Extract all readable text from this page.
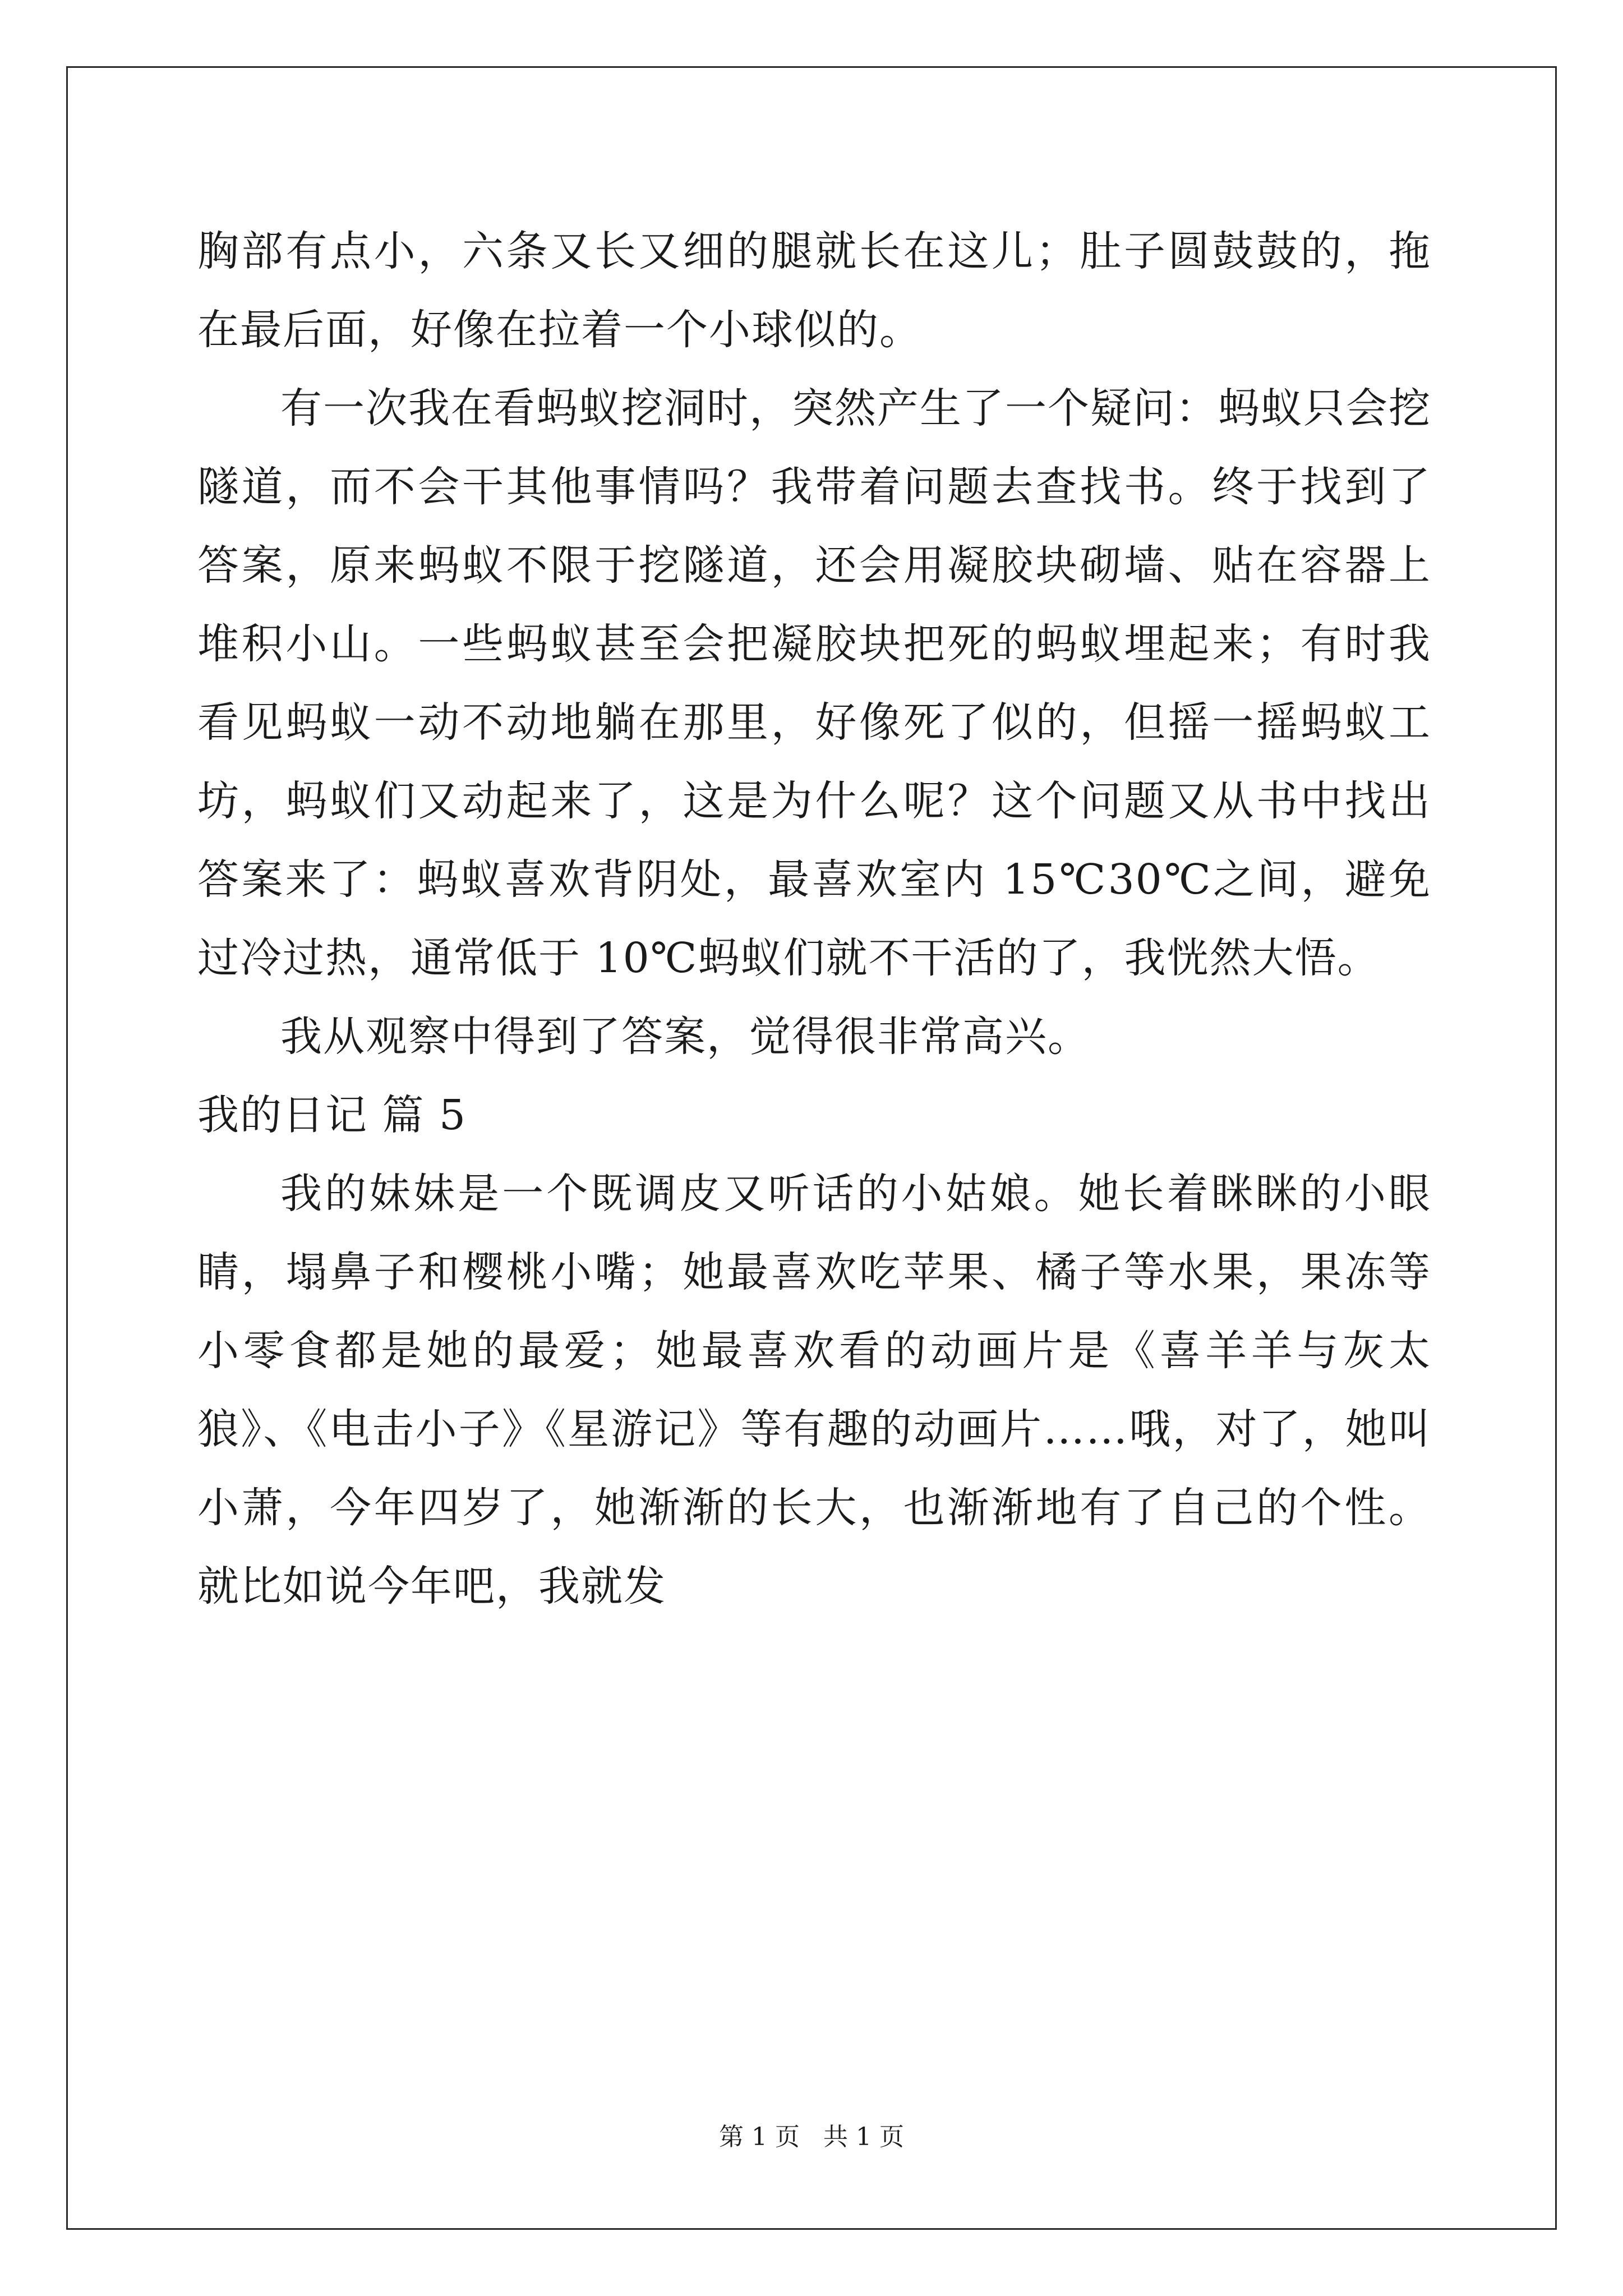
胸部有点小，六条又长又细的腿就长在这儿；肚子圆鼓鼓的，拖在最后面，好像在拉着一个小球似的。

有一次我在看蚂蚁挖洞时，突然产生了一个疑问：蚂蚁只会挖隧道，而不会干其他事情吗？我带着问题去查找书。终于找到了答案，原来蚂蚁不限于挖隧道，还会用凝胶块砌墙、贴在容器上堆积小山。一些蚂蚁甚至会把凝胶块把死的蚂蚁埋起来；有时我看见蚂蚁一动不动地躺在那里，好像死了似的，但摇一摇蚂蚁工坊，蚂蚁们又动起来了，这是为什么呢？这个问题又从书中找出答案来了：蚂蚁喜欢背阴处，最喜欢室内 15℃30℃之间，避免过冷过热，通常低于 10℃蚂蚁们就不干活的了，我恍然大悟。

我从观察中得到了答案，觉得很非常高兴。

我的日记 篇 5

我的妹妹是一个既调皮又听话的小姑娘。她长着眯眯的小眼睛，塌鼻子和樱桃小嘴；她最喜欢吃苹果、橘子等水果，果冻等小零食都是她的最爱；她最喜欢看的动画片是《喜羊羊与灰太狼》、《电击小子》《星游记》等有趣的动画片……哦，对了，她叫小萧，今年四岁了，她渐渐的长大，也渐渐地有了自己的个性。就比如说今年吧，我就发

第 1 页 共 1 页
